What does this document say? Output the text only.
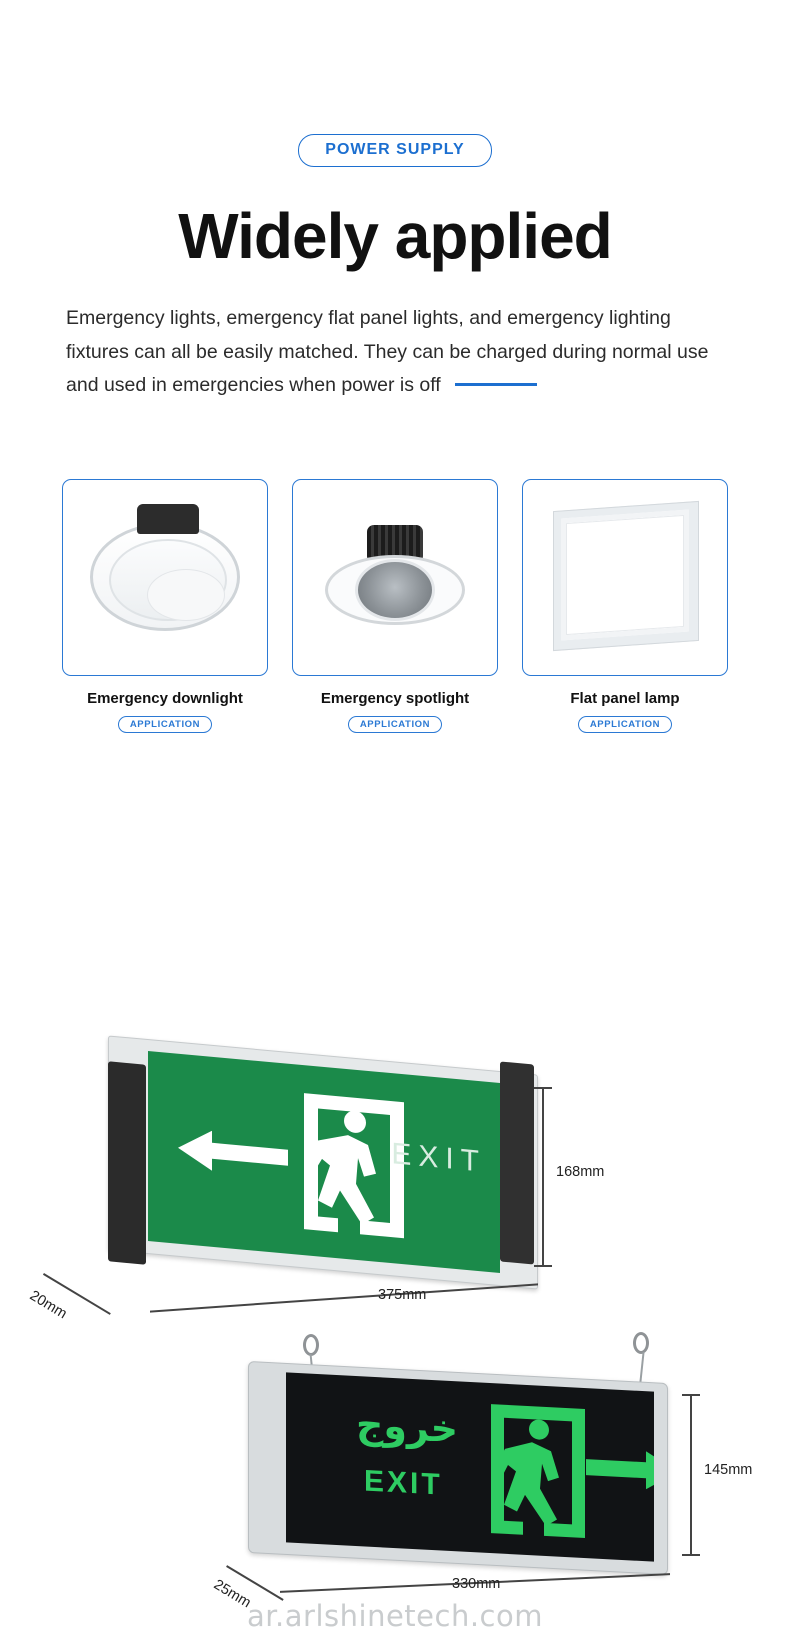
POWER SUPPLY
Widely applied

Emergency lights, emergency flat panel lights, and emergency lighting fixtures can all be easily matched. They can be charged during normal use and used in emergencies when power is off

Emergency downlight
APPLICATION
Emergency spotlight
APPLICATION
Flat panel lamp
APPLICATION
EXIT	168mm
375mm
20mm
خروج
EXIT	145mm
330mm
25mm
ar.arlshinetech.com
